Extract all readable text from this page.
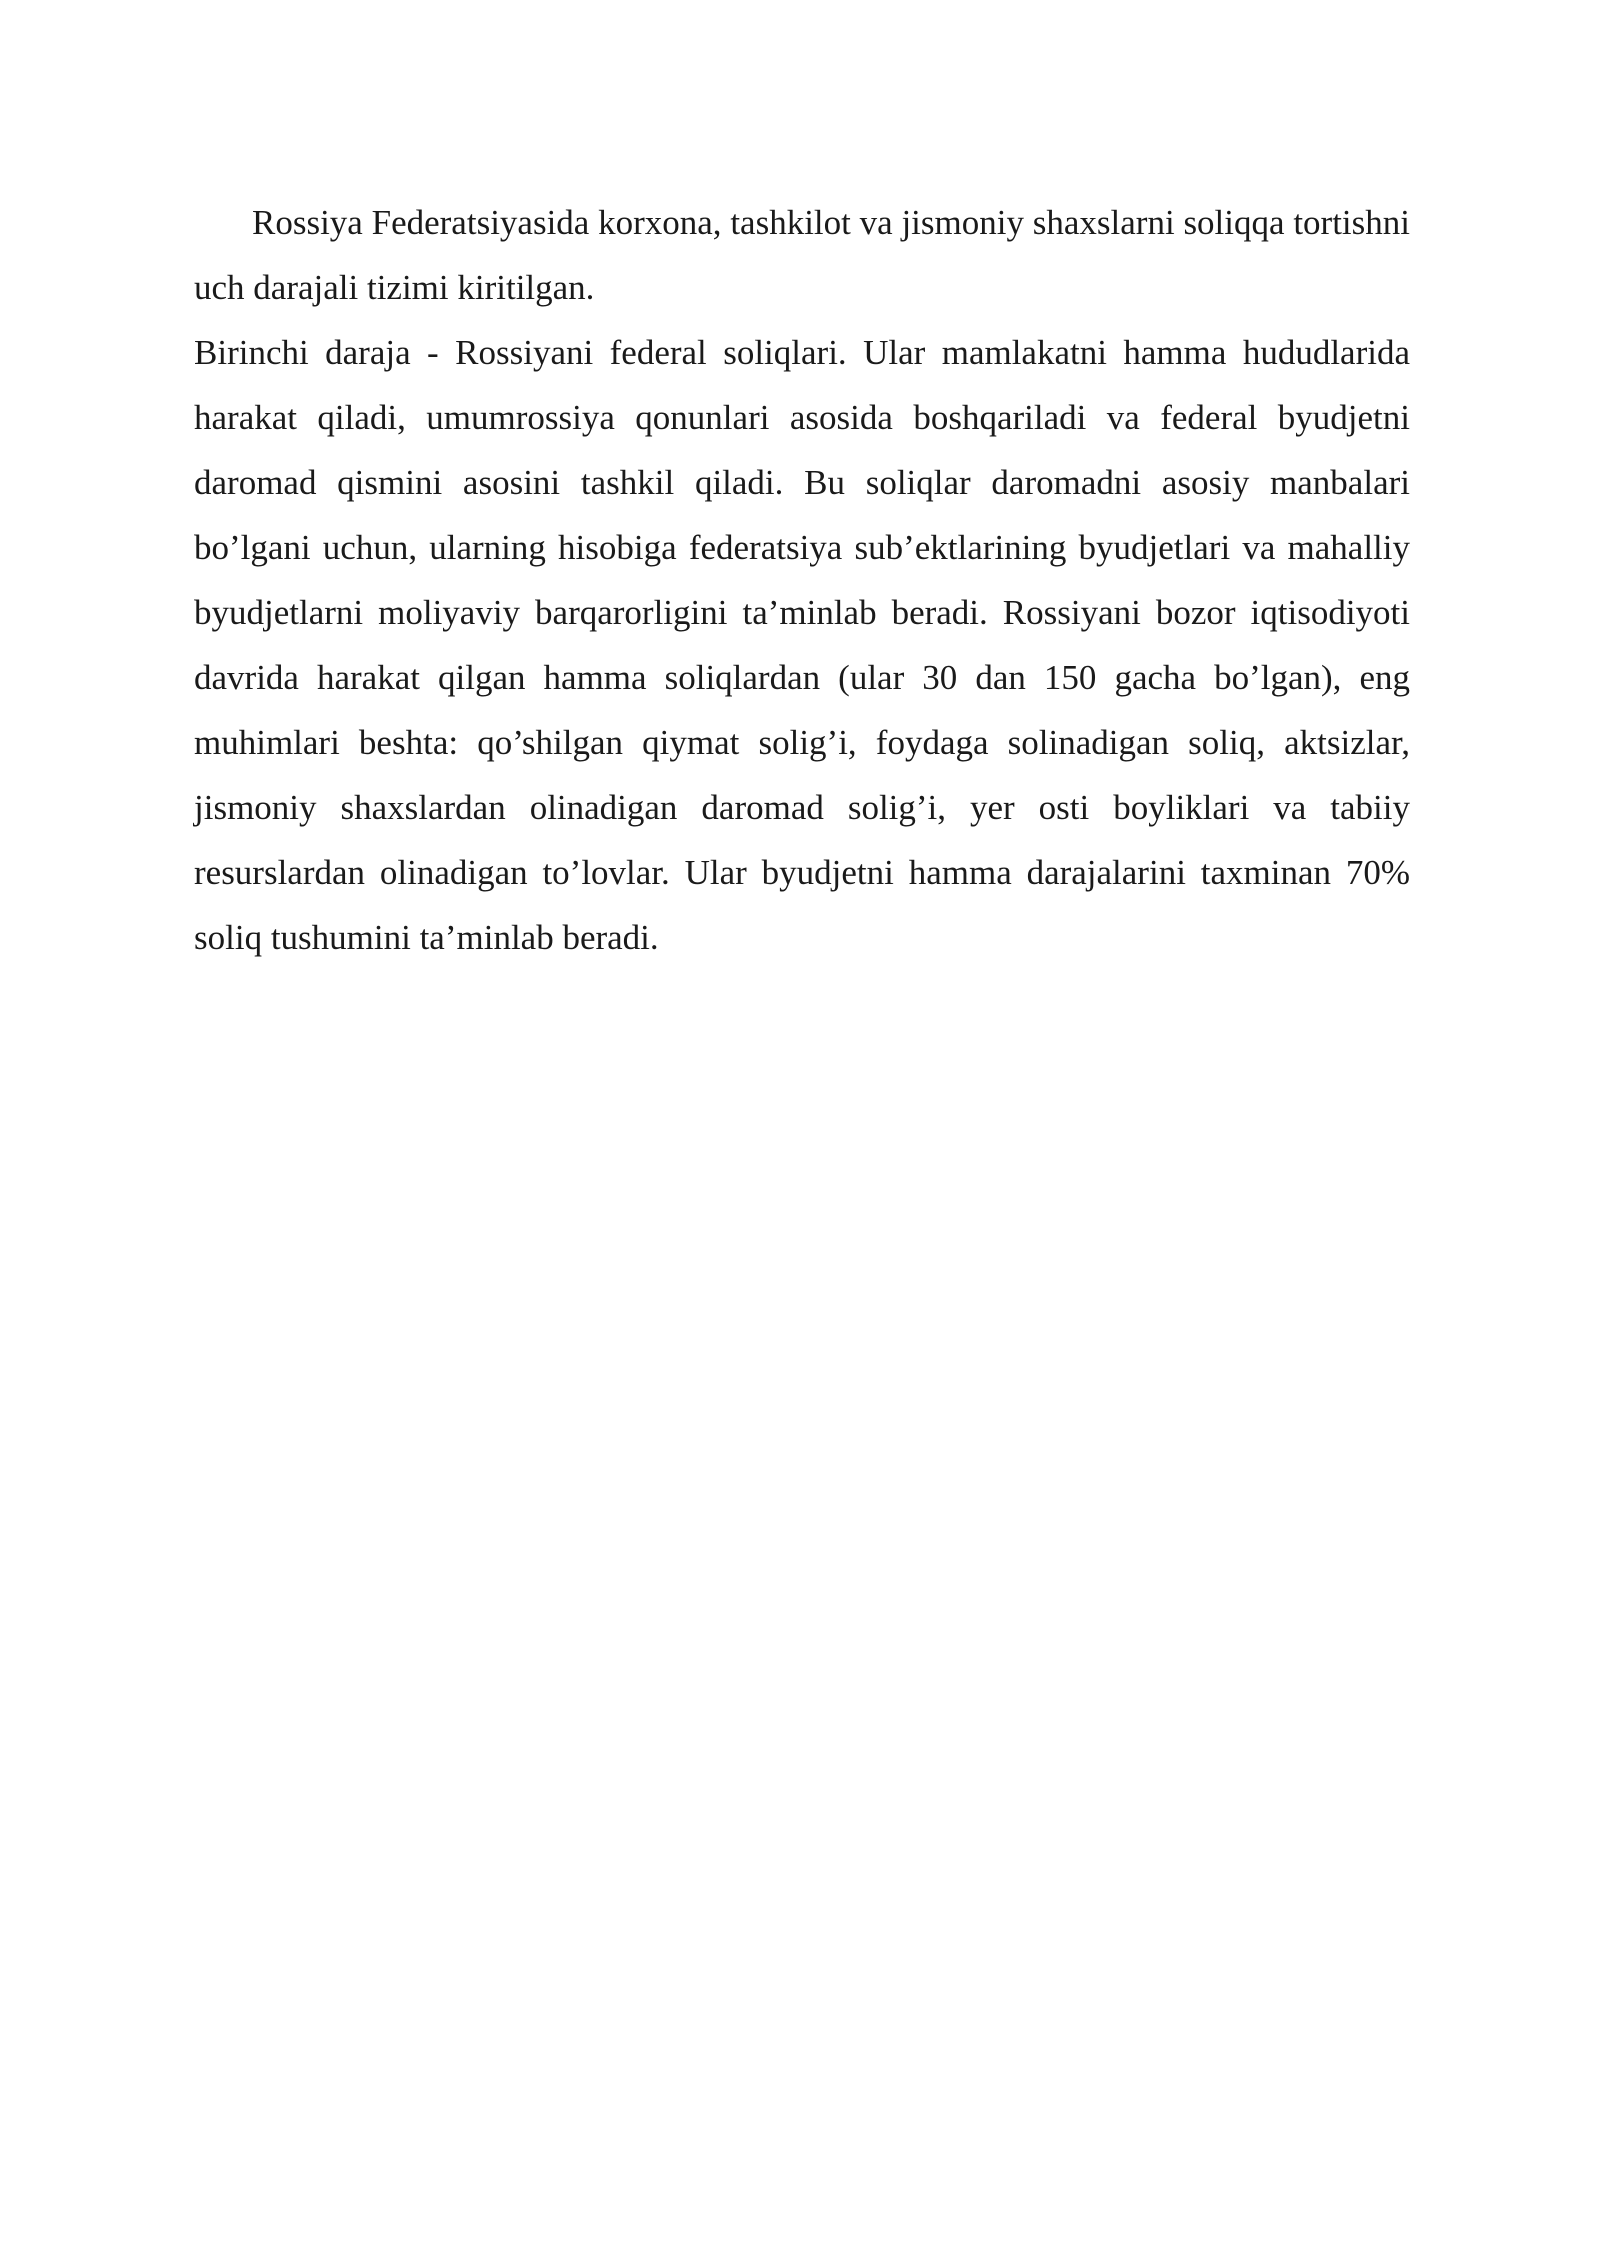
Rossiya Federatsiyasida korxona, tashkilot va jismoniy shaxslarni soliqqa tortishni uch darajali tizimi kiritilgan.

Birinchi daraja - Rossiyani federal soliqlari. Ular mamlakatni hamma hududlarida harakat qiladi, umumrossiya qonunlari asosida boshqariladi va federal byudjetni daromad qismini asosini tashkil qiladi. Bu soliqlar daromadni asosiy manbalari bo’lgani uchun, ularning hisobiga federatsiya sub’ektlarining byudjetlari va mahalliy byudjetlarni moliyaviy barqarorligini ta’minlab beradi. Rossiyani bozor iqtisodiyoti davrida harakat qilgan hamma soliqlardan (ular 30 dan 150 gacha bo’lgan), eng muhimlari beshta: qo’shilgan qiymat solig’i, foydaga solinadigan soliq, aktsizlar, jismoniy shaxslardan olinadigan daromad solig’i, yer osti boyliklari va tabiiy resurslardan olinadigan to’lovlar. Ular byudjetni hamma darajalarini taxminan 70% soliq tushumini ta’minlab beradi.
